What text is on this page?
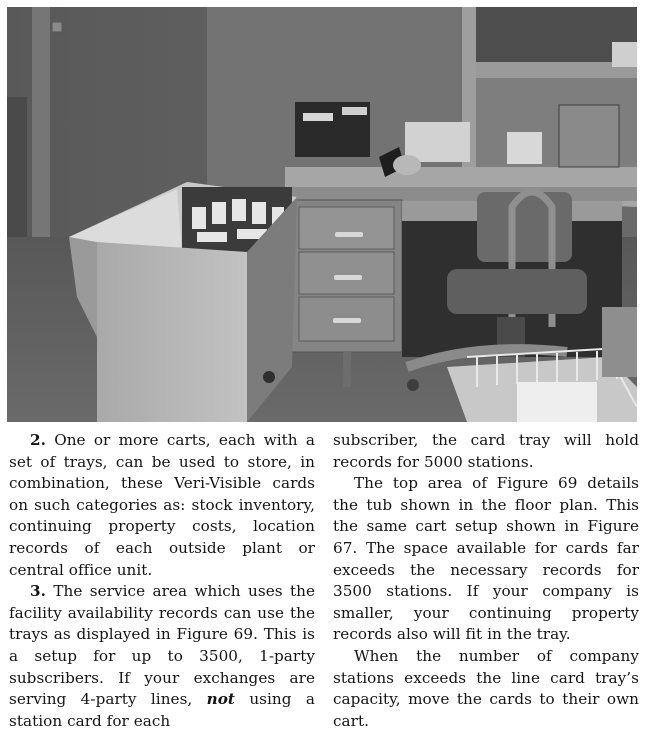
2. One or more carts, each with a set of trays, can be used to store, in combination, these Veri-Visible cards on such categories as: stock inventory, continuing property costs, location records of each outside plant or central office unit.

3. The service area which uses the facility availability records can use the trays as displayed in Figure 69. This is a setup for up to 3500, 1-party subscribers. If your exchanges are serving 4-party lines, not using a station card for each

subscriber, the card tray will hold records for 5000 stations.

The top area of Figure 69 details the tub shown in the floor plan. This the same cart setup shown in Figure 67. The space available for cards far exceeds the necessary records for 3500 stations. If your company is smaller, your continuing property records also will fit in the tray.

When the number of company stations exceeds the line card tray’s capacity, move the cards to their own cart.
